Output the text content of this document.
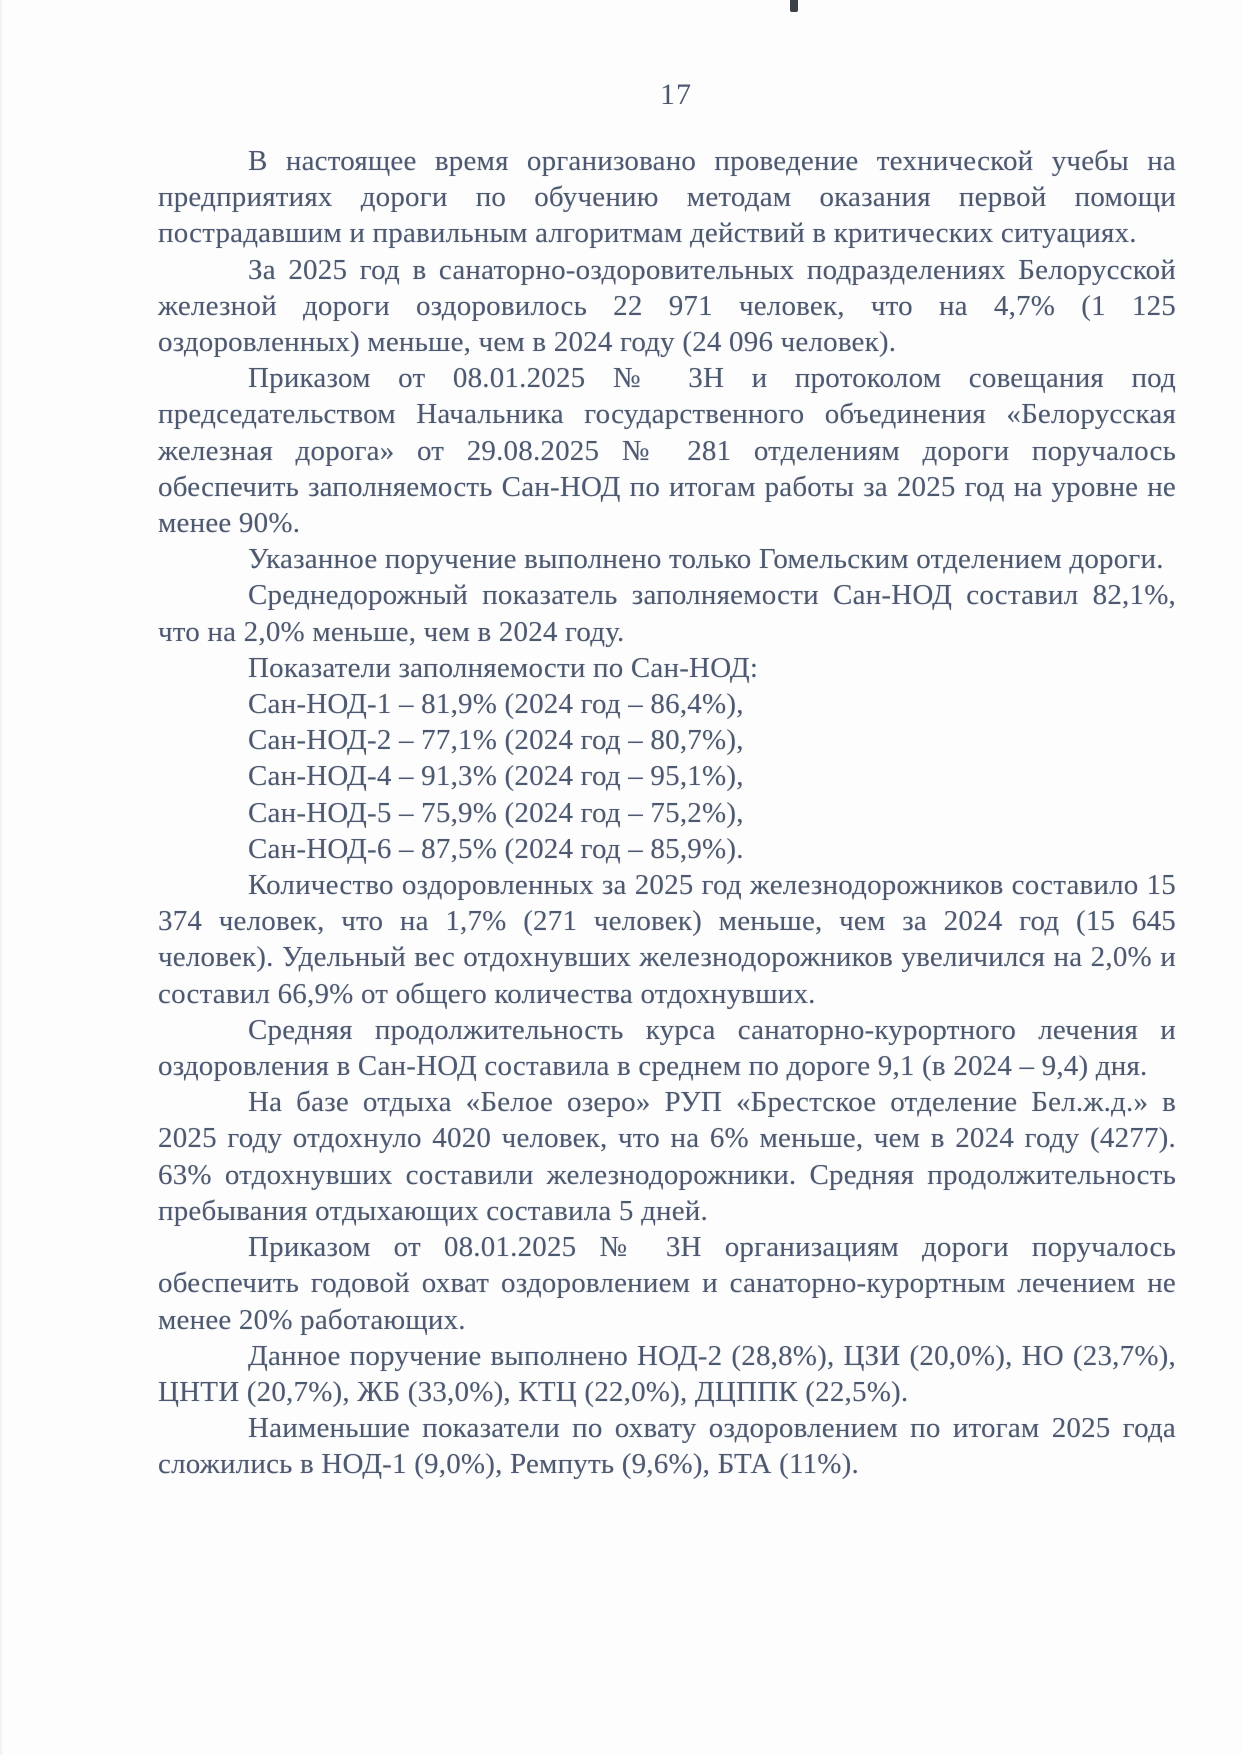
17

В настоящее время организовано проведение технической учебы на предприятиях дороги по обучению методам оказания первой помощи пострадавшим и правильным алгоритмам действий в критических ситуациях.

За 2025 год в санаторно-оздоровительных подразделениях Белорусской железной дороги оздоровилось 22 971 человек, что на 4,7% (1 125 оздоровленных) меньше, чем в 2024 году (24 096 человек).

Приказом от 08.01.2025 № 3Н и протоколом совещания под председательством Начальника государственного объединения «Белорусская железная дорога» от 29.08.2025 № 281 отделениям дороги поручалось обеспечить заполняемость Сан-НОД по итогам работы за 2025 год на уровне не менее 90%.

Указанное поручение выполнено только Гомельским отделением дороги.

Среднедорожный показатель заполняемости Сан-НОД составил 82,1%, что на 2,0% меньше, чем в 2024 году.

Показатели заполняемости по Сан-НОД:

Сан-НОД-1 – 81,9% (2024 год – 86,4%),

Сан-НОД-2 – 77,1% (2024 год – 80,7%),

Сан-НОД-4 – 91,3% (2024 год – 95,1%),

Сан-НОД-5 – 75,9% (2024 год – 75,2%),

Сан-НОД-6 – 87,5% (2024 год – 85,9%).

Количество оздоровленных за 2025 год железнодорожников составило 15 374 человек, что на 1,7% (271 человек) меньше, чем за 2024 год (15 645 человек). Удельный вес отдохнувших железнодорожников увеличился на 2,0% и составил 66,9% от общего количества отдохнувших.

Средняя продолжительность курса санаторно-курортного лечения и оздоровления в Сан-НОД составила в среднем по дороге 9,1 (в 2024 – 9,4) дня.

На базе отдыха «Белое озеро» РУП «Брестское отделение Бел.ж.д.» в 2025 году отдохнуло 4020 человек, что на 6% меньше, чем в 2024 году (4277). 63% отдохнувших составили железнодорожники. Средняя продолжительность пребывания отдыхающих составила 5 дней.

Приказом от 08.01.2025 № 3Н организациям дороги поручалось обеспечить годовой охват оздоровлением и санаторно-курортным лечением не менее 20% работающих.

Данное поручение выполнено НОД-2 (28,8%), ЦЗИ (20,0%), НО (23,7%), ЦНТИ (20,7%), ЖБ (33,0%), КТЦ (22,0%), ДЦППК (22,5%).

Наименьшие показатели по охвату оздоровлением по итогам 2025 года сложились в НОД-1 (9,0%), Ремпуть (9,6%), БТА (11%).
